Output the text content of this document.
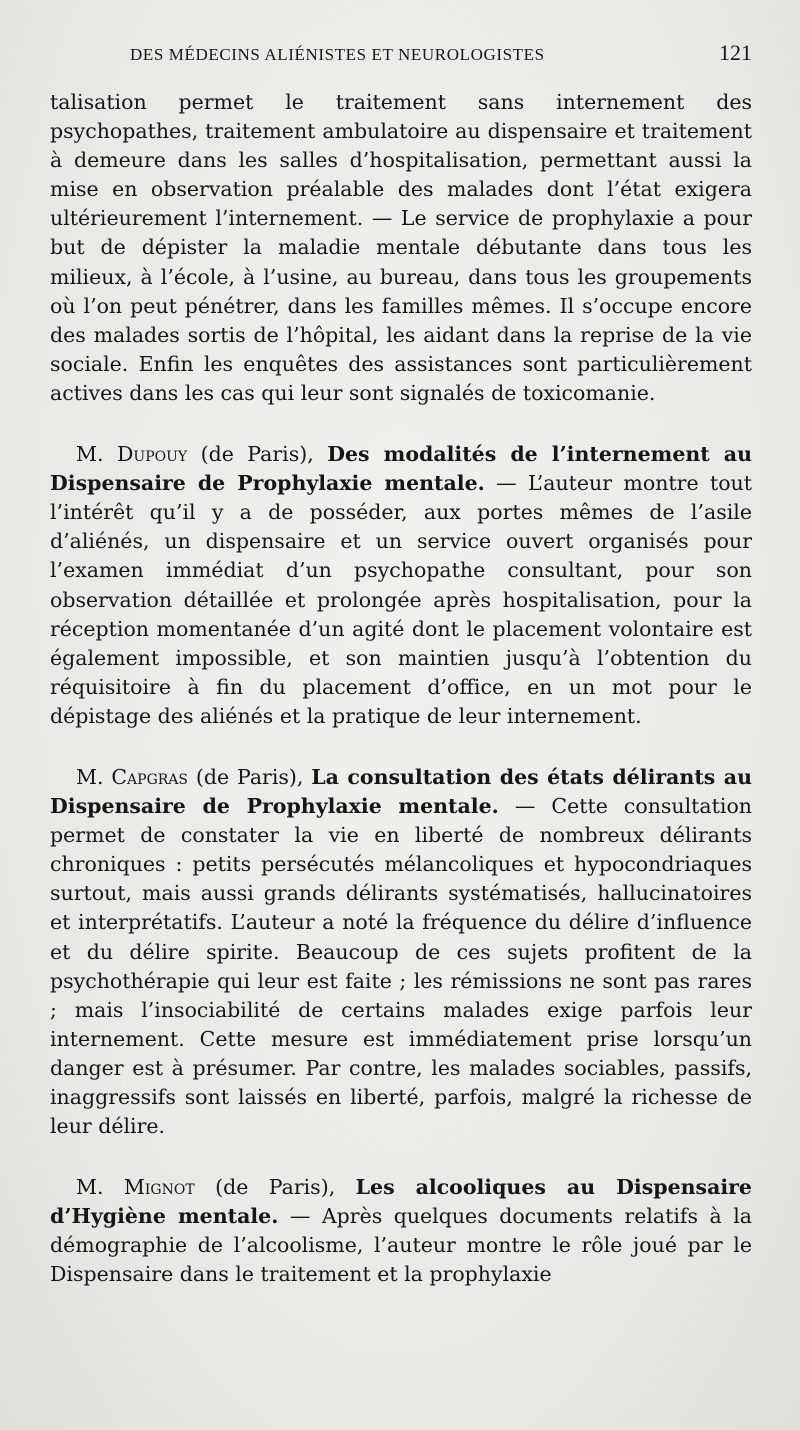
DES MÉDECINS ALIÉNISTES ET NEUROLOGISTES	121

talisation permet le traitement sans internement des psychopathes, traitement ambulatoire au dispensaire et traitement à demeure dans les salles d’hospitalisation, permettant aussi la mise en observation préalable des malades dont l’état exigera ultérieurement l’internement. — Le service de prophylaxie a pour but de dépister la maladie mentale débutante dans tous les milieux, à l’école, à l’usine, au bureau, dans tous les groupements où l’on peut pénétrer, dans les familles mêmes. Il s’occupe encore des malades sortis de l’hôpital, les aidant dans la reprise de la vie sociale. Enfin les enquêtes des assistances sont particulièrement actives dans les cas qui leur sont signalés de toxicomanie.

M. Dupouy (de Paris), Des modalités de l’internement au Dispensaire de Prophylaxie mentale. — L’auteur montre tout l’intérêt qu’il y a de posséder, aux portes mêmes de l’asile d’aliénés, un dispensaire et un service ouvert organisés pour l’examen immédiat d’un psychopathe consultant, pour son observation détaillée et prolongée après hospitalisation, pour la réception momentanée d’un agité dont le placement volontaire est également impossible, et son maintien jusqu’à l’obtention du réquisitoire à fin du placement d’office, en un mot pour le dépistage des aliénés et la pratique de leur internement.

M. Capgras (de Paris), La consultation des états délirants au Dispensaire de Prophylaxie mentale. — Cette consultation permet de constater la vie en liberté de nombreux délirants chroniques : petits persécutés mélancoliques et hypocondriaques surtout, mais aussi grands délirants systématisés, hallucinatoires et interprétatifs. L’auteur a noté la fréquence du délire d’influence et du délire spirite. Beaucoup de ces sujets profitent de la psychothérapie qui leur est faite ; les rémissions ne sont pas rares ; mais l’insociabilité de certains malades exige parfois leur internement. Cette mesure est immédiatement prise lorsqu’un danger est à présumer. Par contre, les malades sociables, passifs, inaggressifs sont laissés en liberté, parfois, malgré la richesse de leur délire.

M. Mignot (de Paris), Les alcooliques au Dispensaire d’Hygiène mentale. — Après quelques documents relatifs à la démographie de l’alcoolisme, l’auteur montre le rôle joué par le Dispensaire dans le traitement et la prophylaxie
